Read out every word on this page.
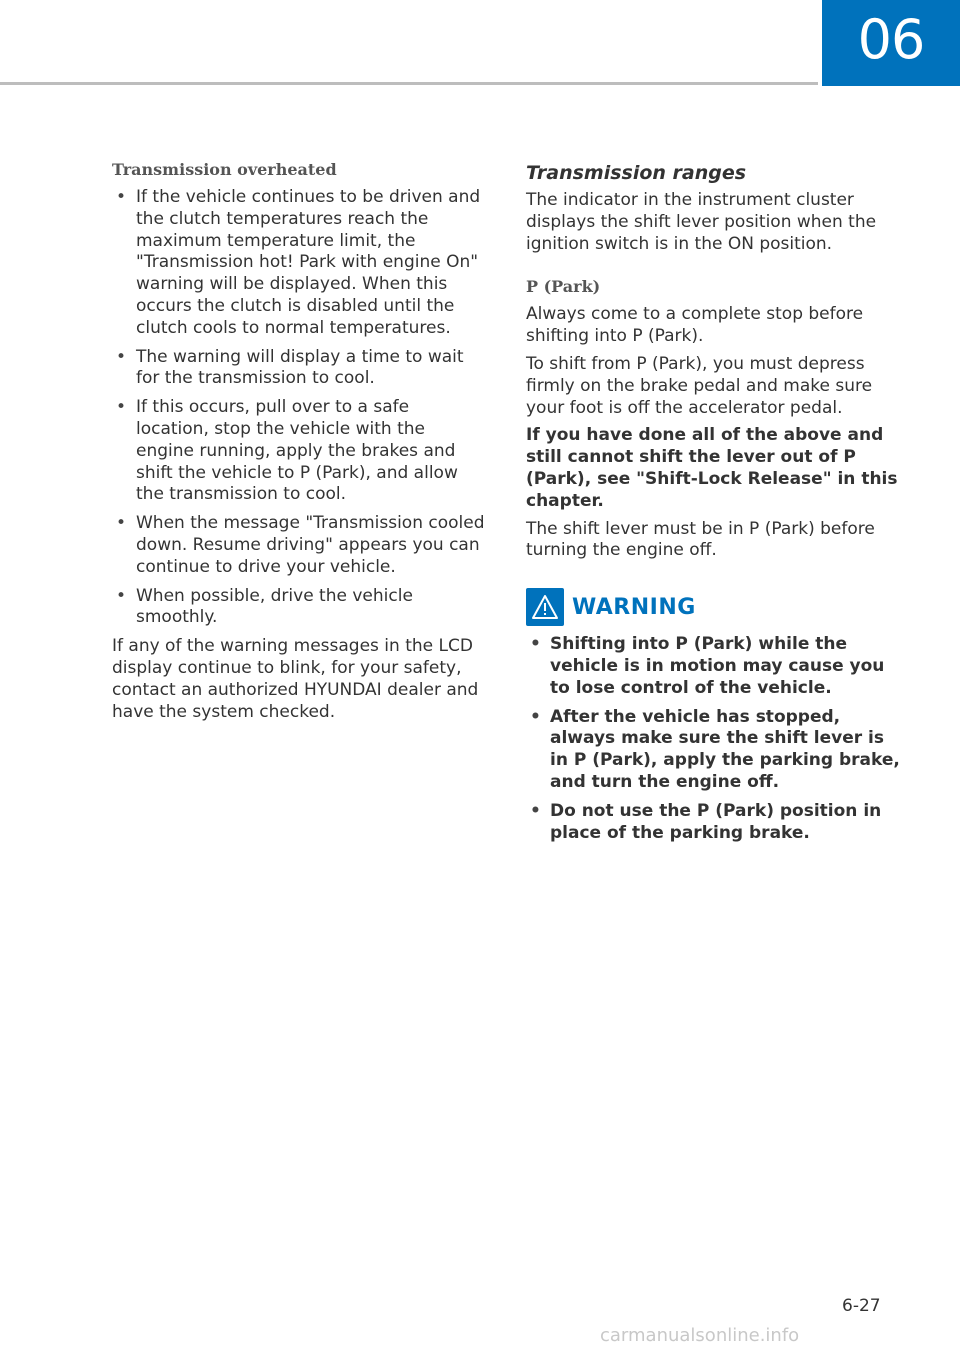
06
Transmission overheated
• If the vehicle continues to be driven and the clutch temperatures reach the maximum temperature limit, the "Transmission hot! Park with engine On" warning will be displayed. When this occurs the clutch is disabled until the clutch cools to normal temperatures.
• The warning will display a time to wait for the transmission to cool.
• If this occurs, pull over to a safe location, stop the vehicle with the engine running, apply the brakes and shift the vehicle to P (Park), and allow the transmission to cool.
• When the message "Transmission cooled down. Resume driving" appears you can continue to drive your vehicle.
• When possible, drive the vehicle smoothly.

If any of the warning messages in the LCD display continue to blink, for your safety, contact an authorized HYUNDAI dealer and have the system checked.

Transmission ranges

The indicator in the instrument cluster displays the shift lever position when the ignition switch is in the ON position.

P (Park)

Always come to a complete stop before shifting into P (Park).

To shift from P (Park), you must depress firmly on the brake pedal and make sure your foot is off the accelerator pedal.

If you have done all of the above and still cannot shift the lever out of P (Park), see "Shift-Lock Release" in this chapter.

The shift lever must be in P (Park) before turning the engine off.

WARNING
• Shifting into P (Park) while the vehicle is in motion may cause you to lose control of the vehicle.
• After the vehicle has stopped, always make sure the shift lever is in P (Park), apply the parking brake, and turn the engine off.
• Do not use the P (Park) position in place of the parking brake.
6-27
carmanualsonline.info
